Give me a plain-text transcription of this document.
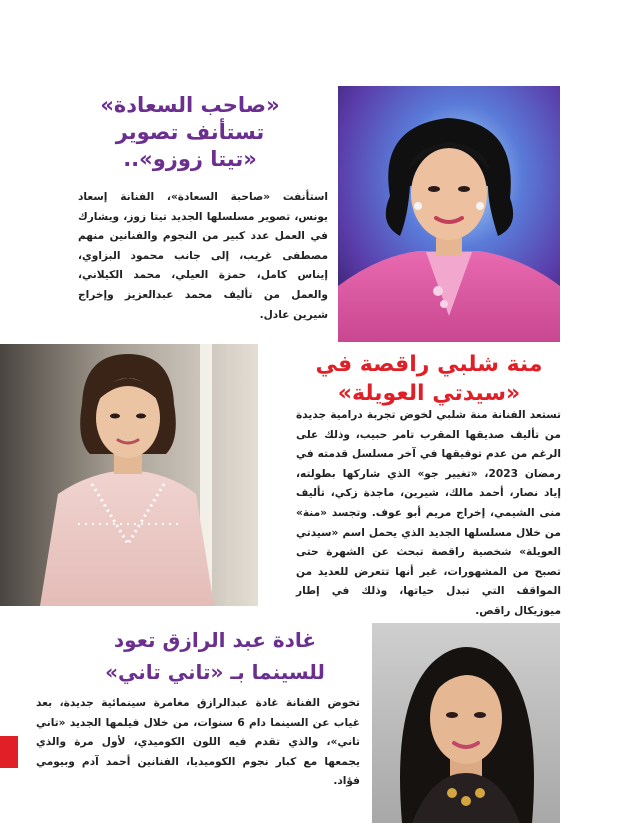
«صاحب السعادة»
تستأنف تصوير
«تيتا زوزو»..
استأنفت «صاحبة السعادة»، الفنانة إسعاد يونس، تصوير مسلسلها الجديد تيتا زوز، ويشارك في العمل عدد كبير من النجوم والفنانين منهم مصطفى غريب، إلى جانب محمود البزاوي، إيناس كامل، حمزة العيلي، محمد الكيلاني، والعمل من تأليف محمد عبدالعزيز وإخراج شيرين عادل.
منة شلبي راقصة في
«سيدتي العويلة»
تستعد الفنانة منة شلبي لخوض تجربة درامية جديدة من تأليف صديقها المقرب تامر حبيب، وذلك على الرغم من عدم توفيقها في آخر مسلسل قدمته في رمضان 2023، «تغيير جو» الذي شاركها بطولته، إياد نصار، أحمد مالك، شيرين، ماجدة زكي، تأليف منى الشيمي، إخراج مريم أبو عوف. وتجسد «منة» من خلال مسلسلها الجديد الذي يحمل اسم «سيدتي العويلة» شخصية راقصة تبحث عن الشهرة حتى تصبح من المشهورات، غير أنها تتعرض للعديد من المواقف التي تبدل حياتها، وذلك في إطار ميوزيكال راقص.
غادة عبد الرازق تعود
للسينما بـ «تاني تاني»
تخوض الفنانة غادة عبدالرازق مغامرة سينمائية جديدة، بعد غياب عن السينما دام 6 سنوات، من خلال فيلمها الجديد «تاني تاني»، والذي تقدم فيه اللون الكوميدي، لأول مرة والذي يجمعها مع كبار نجوم الكوميديا، الفنانين أحمد آدم وبيومي فؤاد.
